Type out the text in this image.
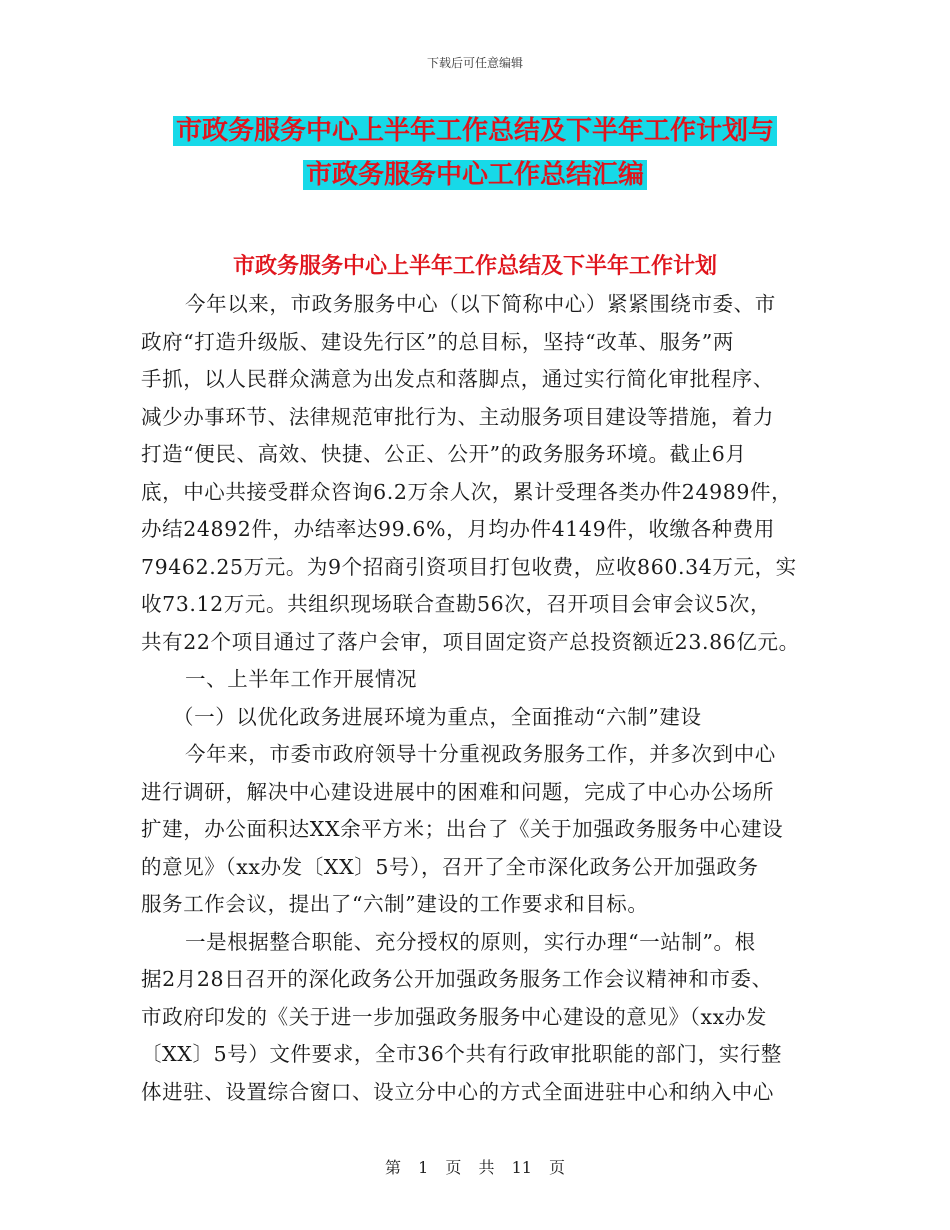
下载后可任意编辑
市政务服务中心上半年工作总结及下半年工作计划与
市政务服务中心工作总结汇编
市政务服务中心上半年工作总结及下半年工作计划
今年以来，市政务服务中心（以下简称中心）紧紧围绕市委、市
政府“打造升级版、建设先行区”的总目标，坚持“改革、服务”两
手抓，以人民群众满意为出发点和落脚点，通过实行简化审批程序、
减少办事环节、法律规范审批行为、主动服务项目建设等措施，着力
打造“便民、高效、快捷、公正、公开”的政务服务环境。截止6月
底，中心共接受群众咨询6.2万余人次，累计受理各类办件24989件，
办结24892件，办结率达99.6%，月均办件4149件，收缴各种费用
79462.25万元。为9个招商引资项目打包收费，应收860.34万元，实
收73.12万元。共组织现场联合查勘56次，召开项目会审会议5次，
共有22个项目通过了落户会审，项目固定资产总投资额近23.86亿元。
一、上半年工作开展情况
（一）以优化政务进展环境为重点，全面推动“六制”建设
今年来，市委市政府领导十分重视政务服务工作，并多次到中心
进行调研，解决中心建设进展中的困难和问题，完成了中心办公场所
扩建，办公面积达XX余平方米；出台了《关于加强政务服务中心建设
的意见》（xx办发〔XX〕5号），召开了全市深化政务公开加强政务
服务工作会议，提出了“六制”建设的工作要求和目标。
一是根据整合职能、充分授权的原则，实行办理“一站制”。根
据2月28日召开的深化政务公开加强政务服务工作会议精神和市委、
市政府印发的《关于进一步加强政务服务中心建设的意见》（xx办发
〔XX〕5号）文件要求，全市36个共有行政审批职能的部门，实行整
体进驻、设置综合窗口、设立分中心的方式全面进驻中心和纳入中心
第 1 页 共 11 页
